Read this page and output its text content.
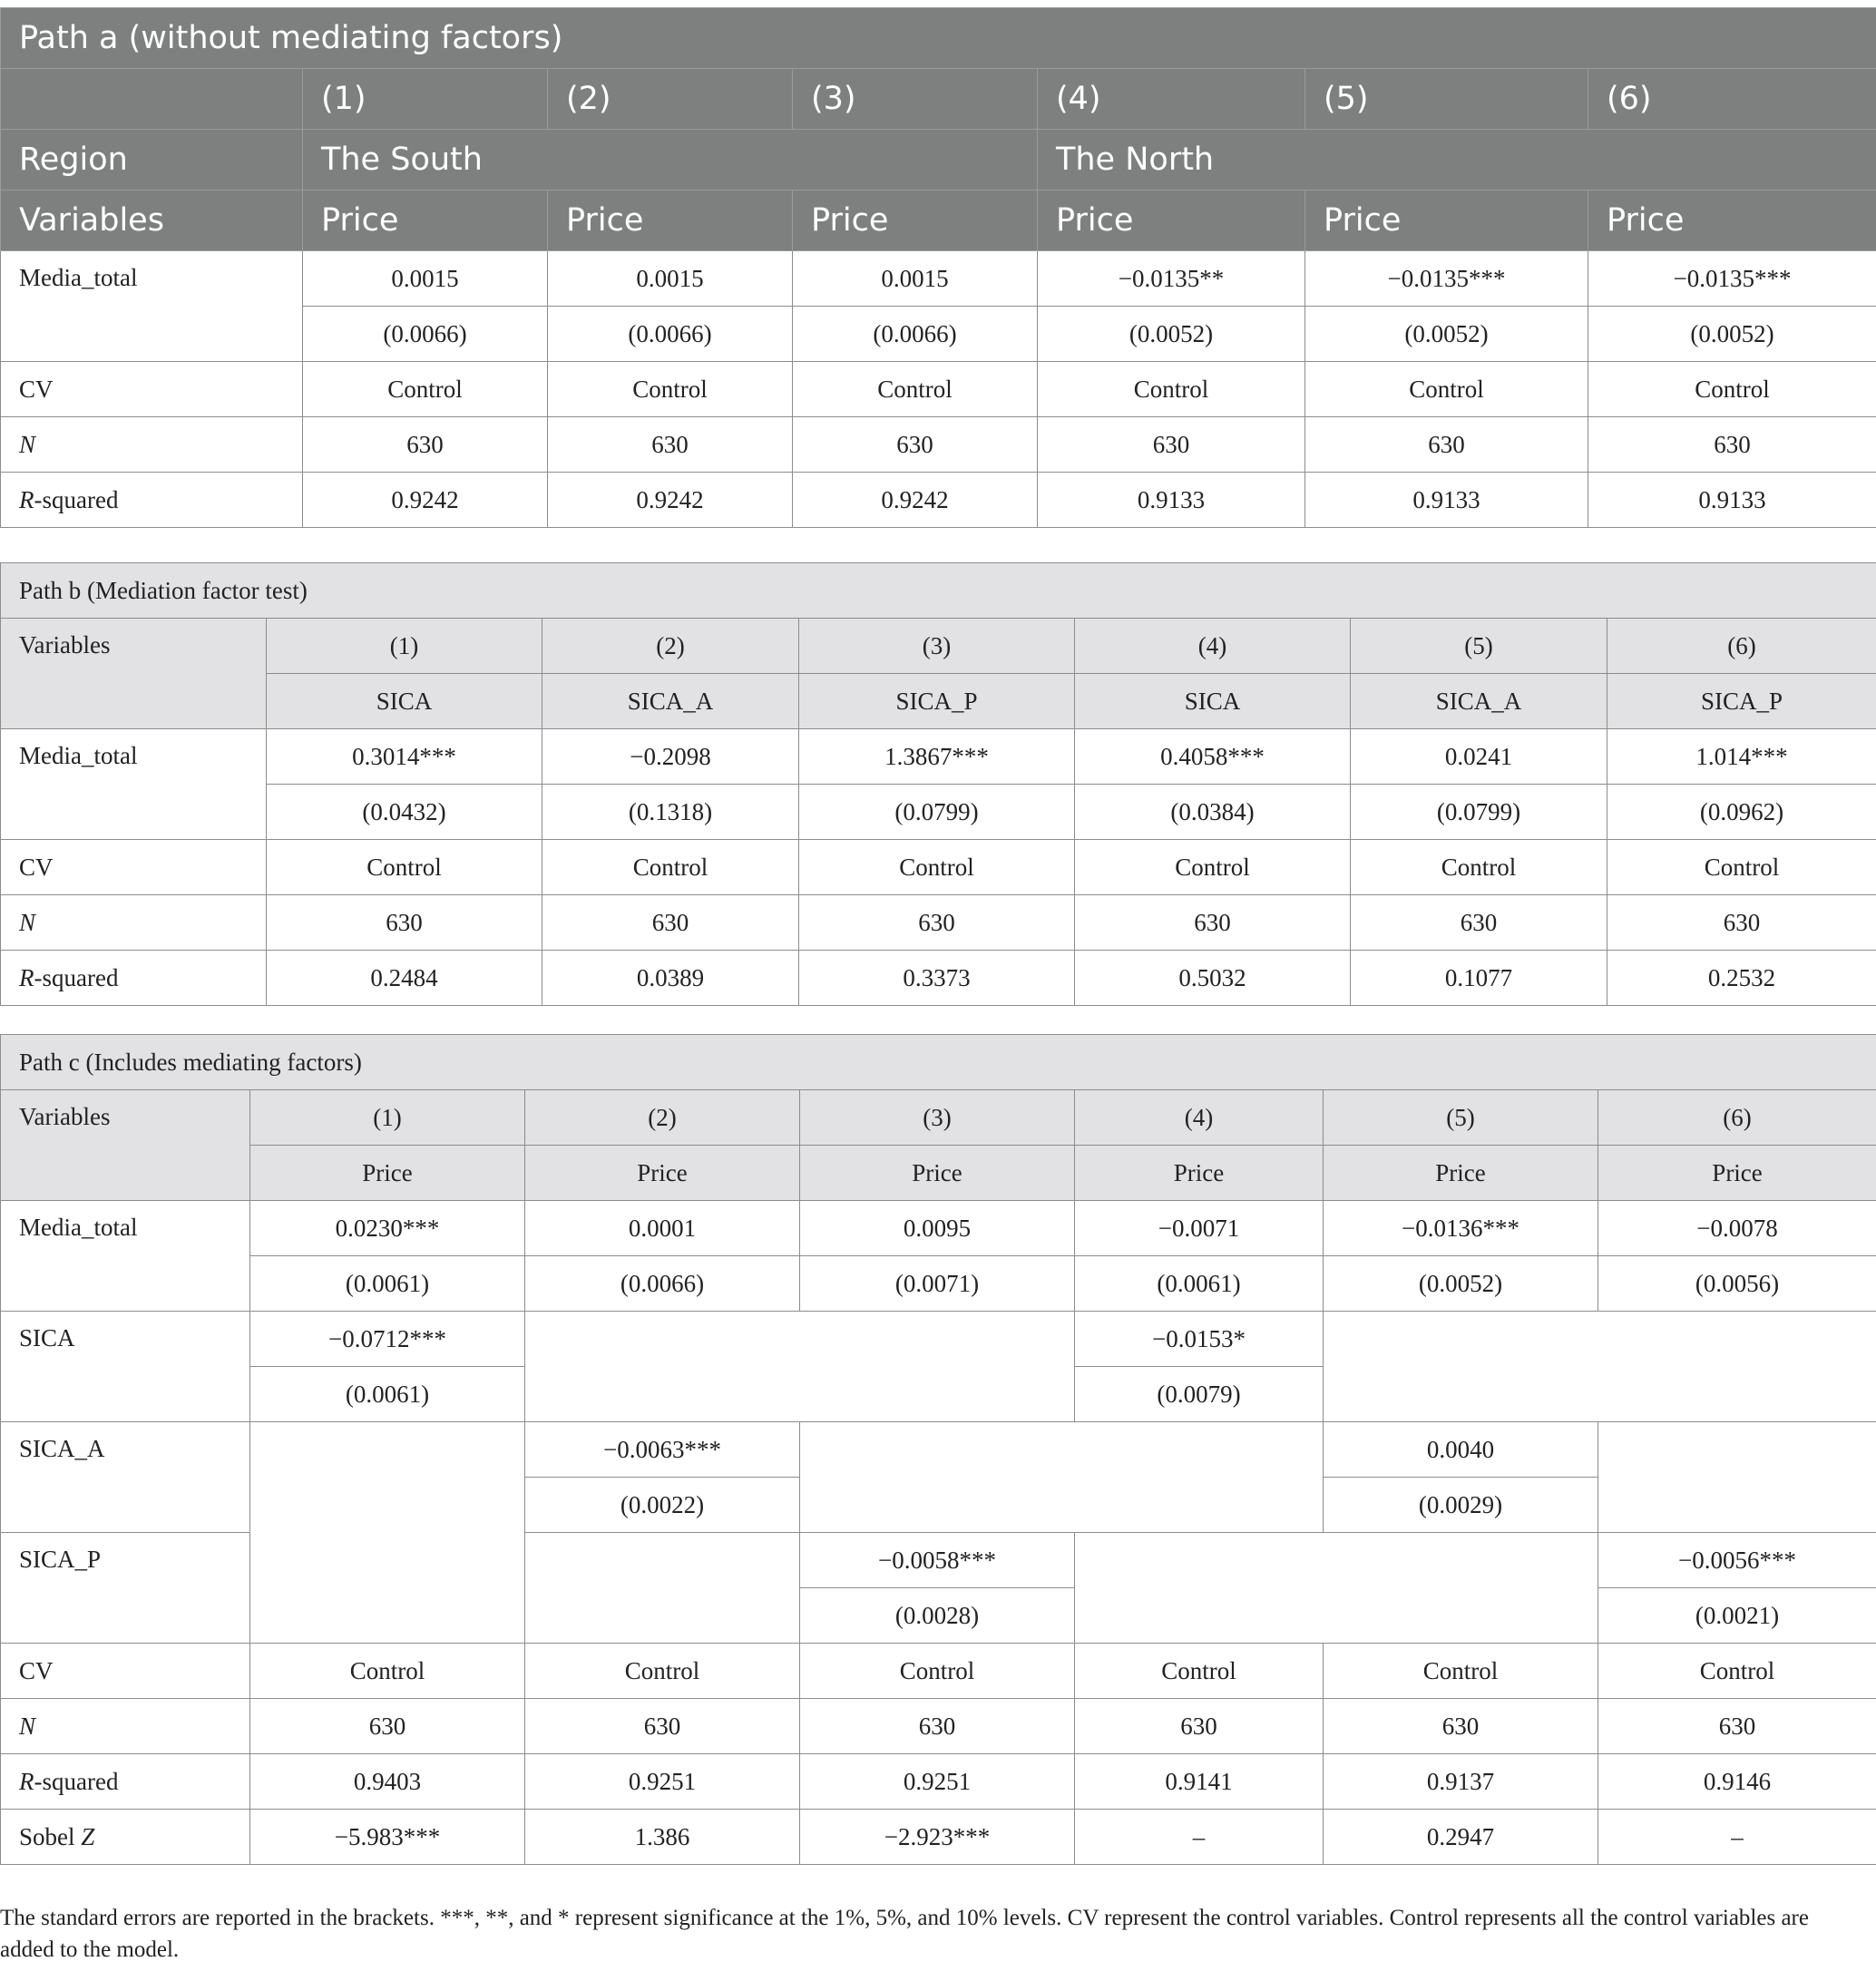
Path a (without mediating factors)						
	(1)	(2)	(3)	(4)	(5)	(6)
Region	The South			The North		
Variables	Price	Price	Price	Price	Price	Price
Media_total	0.0015	0.0015	0.0015	−0.0135**	−0.0135***	−0.0135***
	(0.0066)	(0.0066)	(0.0066)	(0.0052)	(0.0052)	(0.0052)
CV	Control	Control	Control	Control	Control	Control
N	630	630	630	630	630	630
R-squared	0.9242	0.9242	0.9242	0.9133	0.9133	0.9133
Path b (Mediation factor test)						
Variables	(1)	(2)	(3)	(4)	(5)	(6)
	SICA	SICA_A	SICA_P	SICA	SICA_A	SICA_P
Media_total	0.3014***	−0.2098	1.3867***	0.4058***	0.0241	1.014***
	(0.0432)	(0.1318)	(0.0799)	(0.0384)	(0.0799)	(0.0962)
CV	Control	Control	Control	Control	Control	Control
N	630	630	630	630	630	630
R-squared	0.2484	0.0389	0.3373	0.5032	0.1077	0.2532
Path c (Includes mediating factors)						
Variables	(1)	(2)	(3)	(4)	(5)	(6)
	Price	Price	Price	Price	Price	Price
Media_total	0.0230***	0.0001	0.0095	−0.0071	−0.0136***	−0.0078
	(0.0061)	(0.0066)	(0.0071)	(0.0061)	(0.0052)	(0.0056)
SICA	−0.0712***			−0.0153*		
	(0.0061)			(0.0079)		
SICA_A		−0.0063***			0.0040	
		(0.0022)			(0.0029)	
SICA_P			−0.0058***			−0.0056***
			(0.0028)			(0.0021)
CV	Control	Control	Control	Control	Control	Control
N	630	630	630	630	630	630
R-squared	0.9403	0.9251	0.9251	0.9141	0.9137	0.9146
Sobel Z	−5.983***	1.386	−2.923***	–	0.2947	–
The standard errors are reported in the brackets. ***, **, and * represent significance at the 1%, 5%, and 10% levels. CV represent the control variables. Control represents all the control variables are added to the model.
